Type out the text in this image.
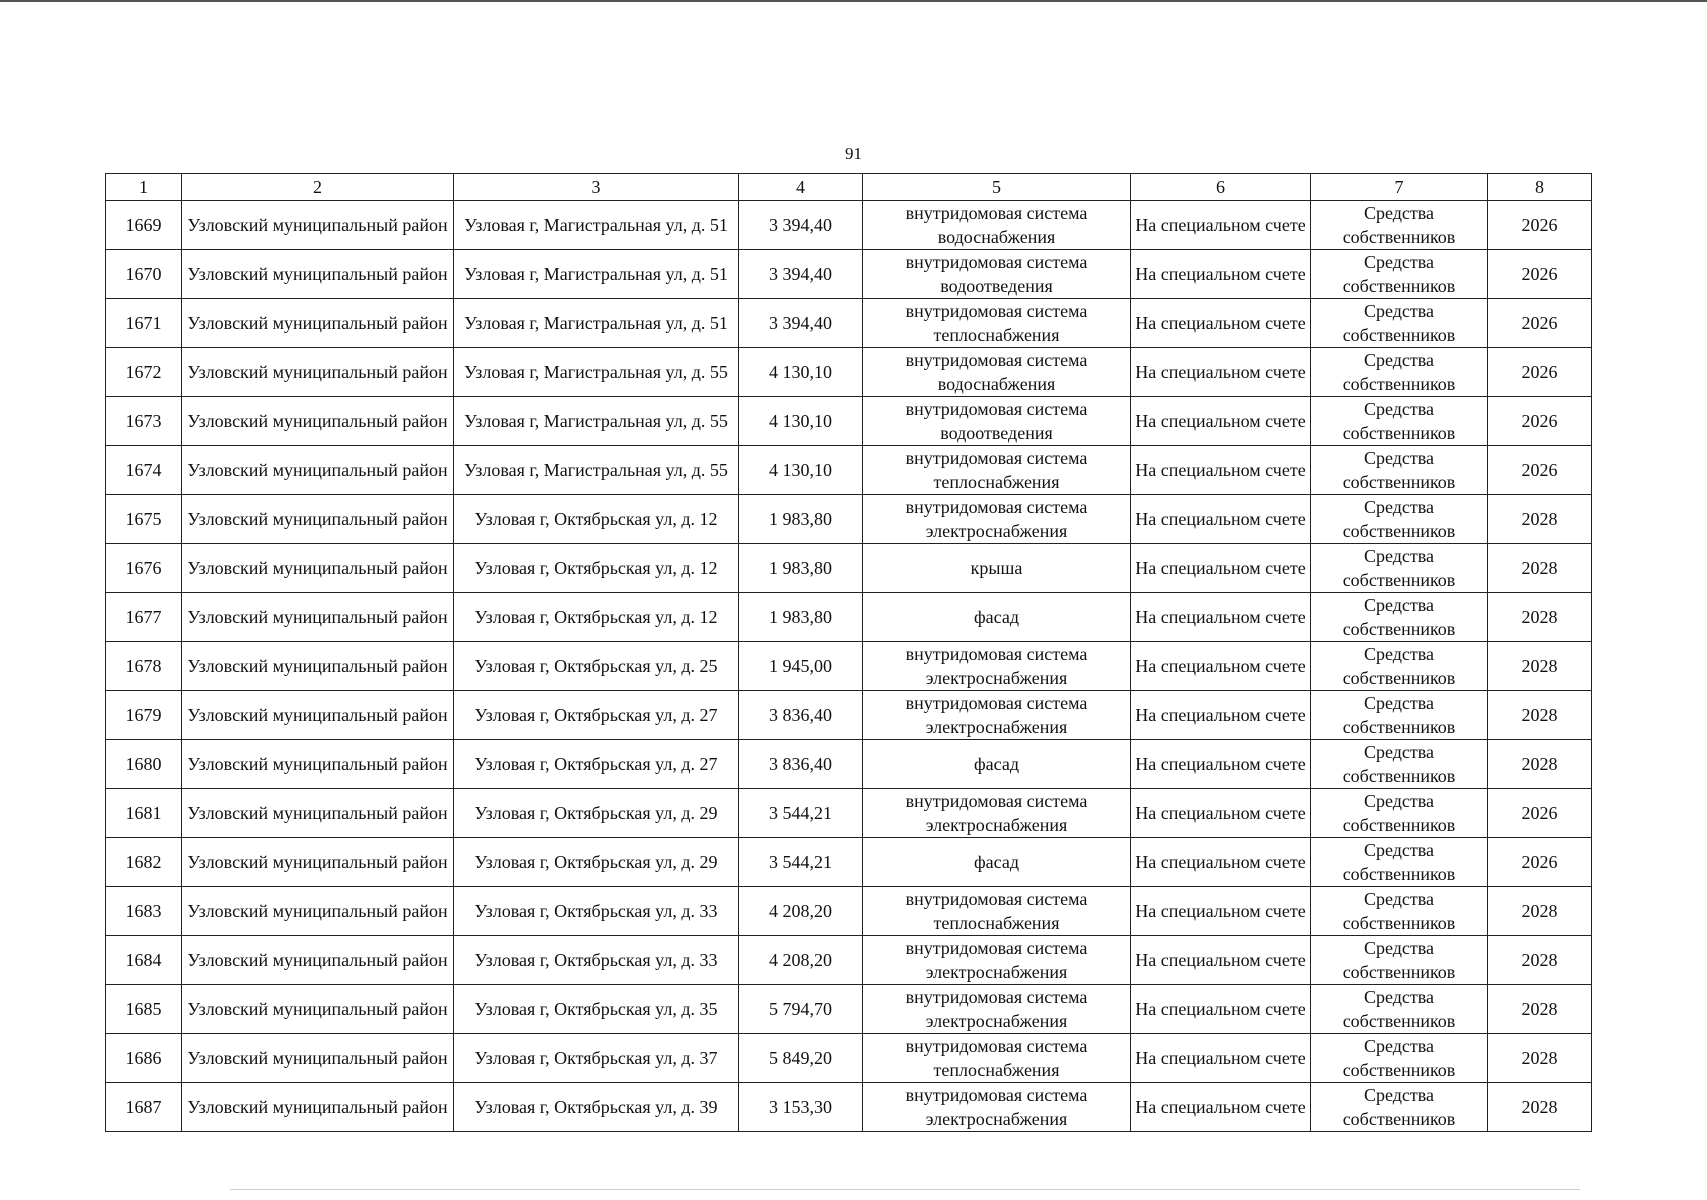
91
1	2	3	4	5	6	7	8
1669	Узловский муниципальный район	Узловая г, Магистральная ул, д. 51	3 394,40	внутридомовая система водоснабжения	На специальном счете	Средства собственников	2026
1670	Узловский муниципальный район	Узловая г, Магистральная ул, д. 51	3 394,40	внутридомовая система водоотведения	На специальном счете	Средства собственников	2026
1671	Узловский муниципальный район	Узловая г, Магистральная ул, д. 51	3 394,40	внутридомовая система теплоснабжения	На специальном счете	Средства собственников	2026
1672	Узловский муниципальный район	Узловая г, Магистральная ул, д. 55	4 130,10	внутридомовая система водоснабжения	На специальном счете	Средства собственников	2026
1673	Узловский муниципальный район	Узловая г, Магистральная ул, д. 55	4 130,10	внутридомовая система водоотведения	На специальном счете	Средства собственников	2026
1674	Узловский муниципальный район	Узловая г, Магистральная ул, д. 55	4 130,10	внутридомовая система теплоснабжения	На специальном счете	Средства собственников	2026
1675	Узловский муниципальный район	Узловая г, Октябрьская ул, д. 12	1 983,80	внутридомовая система электроснабжения	На специальном счете	Средства собственников	2028
1676	Узловский муниципальный район	Узловая г, Октябрьская ул, д. 12	1 983,80	крыша	На специальном счете	Средства собственников	2028
1677	Узловский муниципальный район	Узловая г, Октябрьская ул, д. 12	1 983,80	фасад	На специальном счете	Средства собственников	2028
1678	Узловский муниципальный район	Узловая г, Октябрьская ул, д. 25	1 945,00	внутридомовая система электроснабжения	На специальном счете	Средства собственников	2028
1679	Узловский муниципальный район	Узловая г, Октябрьская ул, д. 27	3 836,40	внутридомовая система электроснабжения	На специальном счете	Средства собственников	2028
1680	Узловский муниципальный район	Узловая г, Октябрьская ул, д. 27	3 836,40	фасад	На специальном счете	Средства собственников	2028
1681	Узловский муниципальный район	Узловая г, Октябрьская ул, д. 29	3 544,21	внутридомовая система электроснабжения	На специальном счете	Средства собственников	2026
1682	Узловский муниципальный район	Узловая г, Октябрьская ул, д. 29	3 544,21	фасад	На специальном счете	Средства собственников	2026
1683	Узловский муниципальный район	Узловая г, Октябрьская ул, д. 33	4 208,20	внутридомовая система теплоснабжения	На специальном счете	Средства собственников	2028
1684	Узловский муниципальный район	Узловая г, Октябрьская ул, д. 33	4 208,20	внутридомовая система электроснабжения	На специальном счете	Средства собственников	2028
1685	Узловский муниципальный район	Узловая г, Октябрьская ул, д. 35	5 794,70	внутридомовая система электроснабжения	На специальном счете	Средства собственников	2028
1686	Узловский муниципальный район	Узловая г, Октябрьская ул, д. 37	5 849,20	внутридомовая система теплоснабжения	На специальном счете	Средства собственников	2028
1687	Узловский муниципальный район	Узловая г, Октябрьская ул, д. 39	3 153,30	внутридомовая система электроснабжения	На специальном счете	Средства собственников	2028
